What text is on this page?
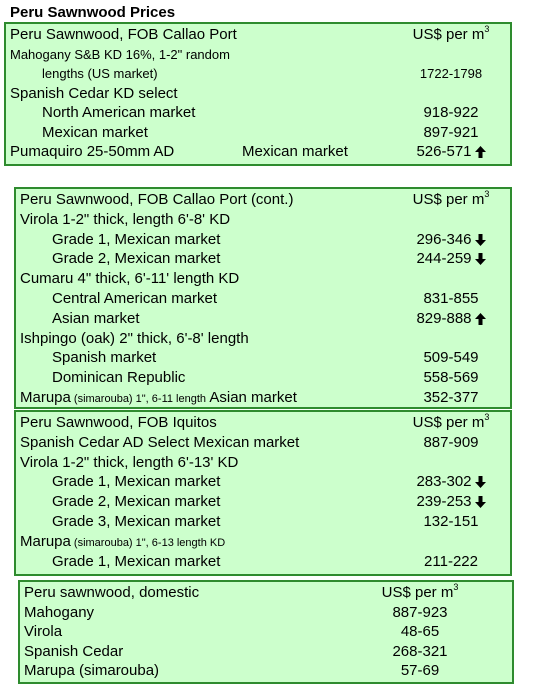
Peru Sawnwood Prices
Peru Sawnwood, FOB Callao Port	US$ per $m^3$
Mahogany S&B KD 16%, 1-2" random
lengths (US market)	1722-1798
Spanish Cedar KD select
North American market	918-922
Mexican market	897-921
Pumaquiro 25-50mm AD	Mexican market	526-571
Peru Sawnwood, FOB Callao Port (cont.)	US$ per $m^3$
Virola 1-2" thick, length 6'-8' KD
Grade 1, Mexican market	296-346
Grade 2, Mexican market	244-259
Cumaru 4" thick, 6'-11' length KD
Central American market	831-855
Asian market	829-888
Ishpingo (oak) 2" thick, 6'-8' length
Spanish market	509-549
Dominican Republic	558-569
Marupa (simarouba) 1", 6-11 length Asian market	352-377
Peru Sawnwood, FOB Iquitos	US$ per $m^3$
Spanish Cedar AD Select Mexican market	887-909
Virola 1-2" thick, length 6'-13' KD
Grade 1, Mexican market	283-302
Grade 2, Mexican market	239-253
Grade 3, Mexican market	132-151
Marupa (simarouba) 1", 6-13 length KD
Grade 1, Mexican market	211-222
Peru sawnwood, domestic	US$ per $m^3$
Mahogany	887-923
Virola	48-65
Spanish Cedar	268-321
Marupa (simarouba)	57-69
